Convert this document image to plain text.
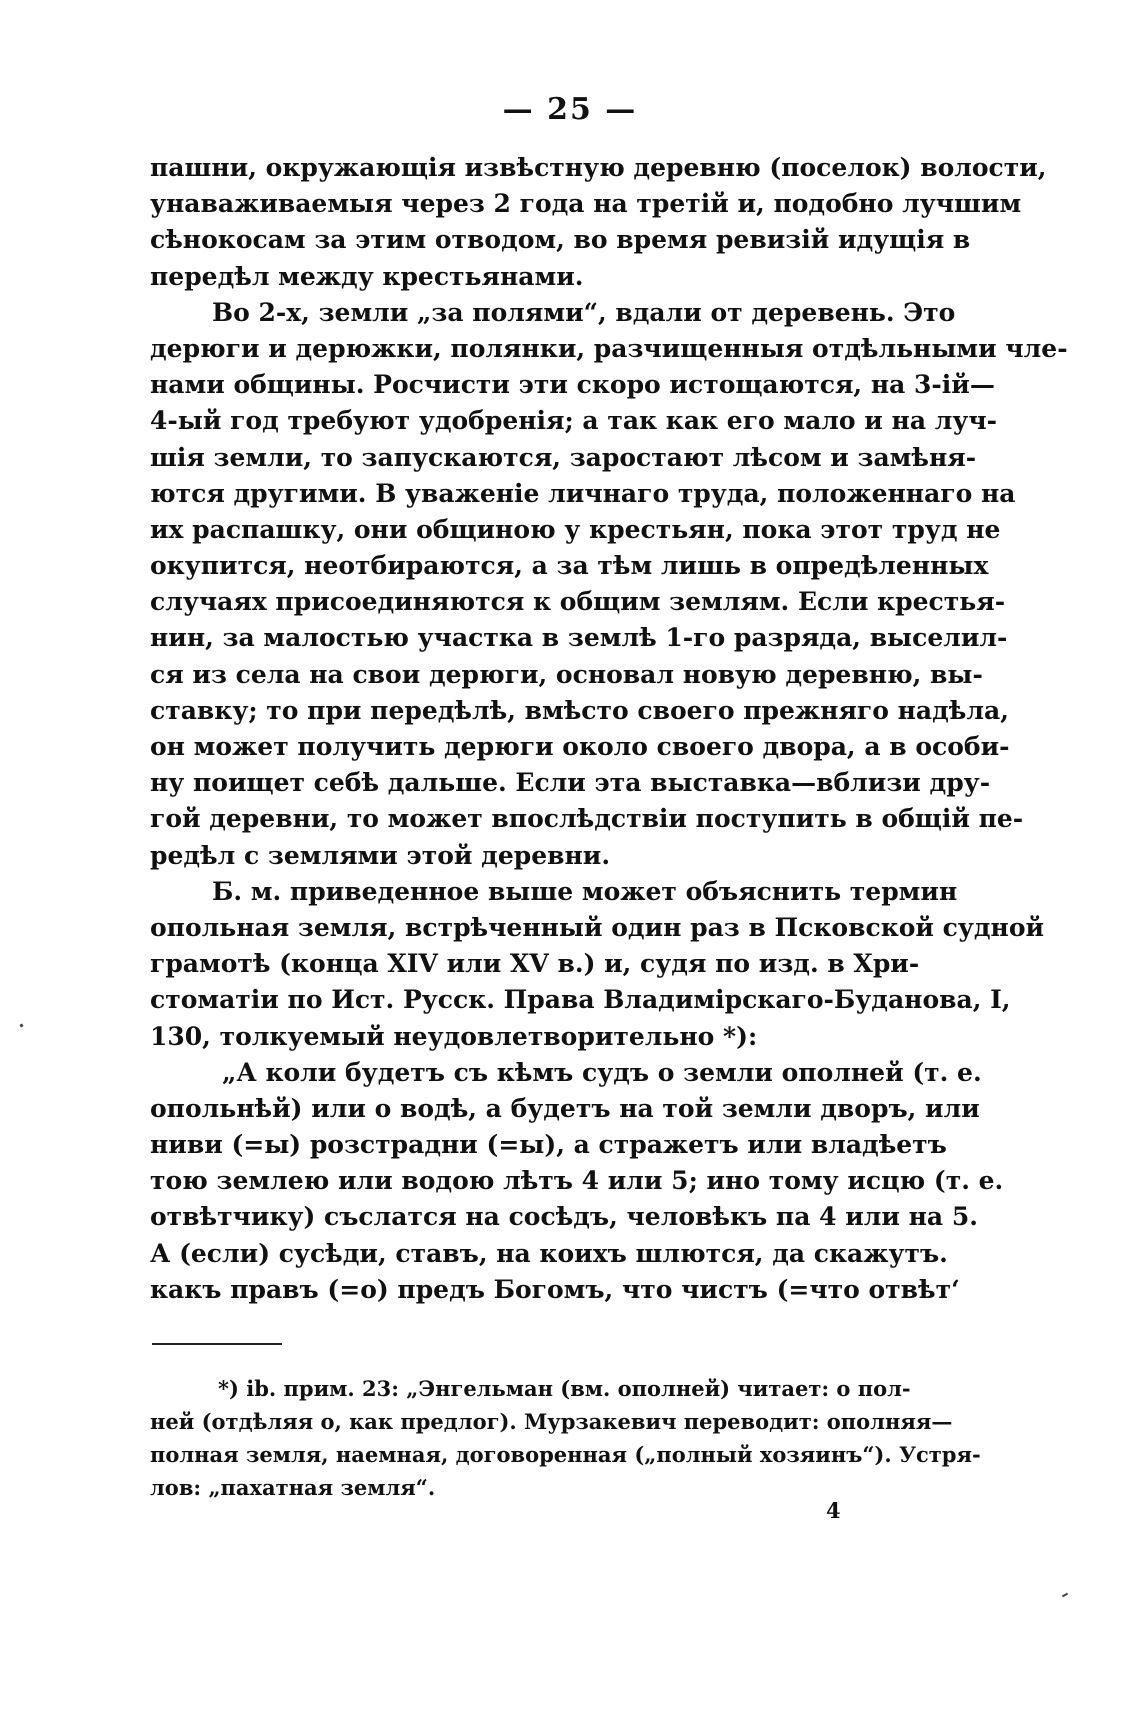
— 25 —
пашни, окружающія извѣстную деревню (поселок) волости,
унаваживаемыя через 2 года на третій и, подобно лучшим
сѣнокосам за этим отводом, во время ревизій идущія в
передѣл между крестьянами.
Во 2-х, земли „за полями“, вдали от деревень. Это
дерюги и дерюжки, полянки, разчищенныя отдѣльными чле-
нами общины. Росчисти эти скоро истощаются, на 3-ій—
4-ый год требуют удобренія; а так как его мало и на луч-
шія земли, то запускаются, заростают лѣсом и замѣня-
ются другими. В уваженіе личнаго труда, положеннаго на
их распашку, они общиною у крестьян, пока этот труд не
окупится, неотбираются, а за тѣм лишь в опредѣленных
случаях присоединяются к общим землям. Если крестья-
нин, за малостью участка в землѣ 1-го разряда, выселил-
ся из села на свои дерюги, основал новую деревню, вы-
ставку; то при передѣлѣ, вмѣсто своего прежняго надѣла,
он может получить дерюги около своего двора, а в особи-
ну поищет себѣ дальше. Если эта выставка—вблизи дру-
гой деревни, то может впослѣдствіи поступить в общій пе-
редѣл с землями этой деревни.
Б. м. приведенное выше может объяснить термин
опольная земля, встрѣченный один раз в Псковской судной
грамотѣ (конца XIV или XV в.) и, судя по изд. в Хри-
стоматіи по Ист. Русск. Права Владимірскаго-Буданова, I,
130, толкуемый неудовлетворительно *):
„А коли будетъ съ кѣмъ судъ о земли ополней (т. е.
опольнѣй) или о водѣ, а будетъ на той земли дворъ, или
ниви (=ы) розстрадни (=ы), а стражетъ или владѣетъ
тою землею или водою лѣтъ 4 или 5; ино тому исцю (т. е.
отвѣтчику) съслатся на сосѣдъ, человѣкъ па 4 или на 5.
А (если) сусѣди, ставъ, на коихъ шлются, да скажутъ.
какъ правъ (=о) предъ Богомъ, что чистъ (=что отвѣт‘
*) ib. прим. 23: „Энгельман (вм. ополней) читает: о пол-
ней (отдѣляя о, как предлог). Мурзакевич переводит: ополняя—
полная земля, наемная, договоренная („полный хозяинъ“). Устря-
лов: „пахатная земля“.
4
